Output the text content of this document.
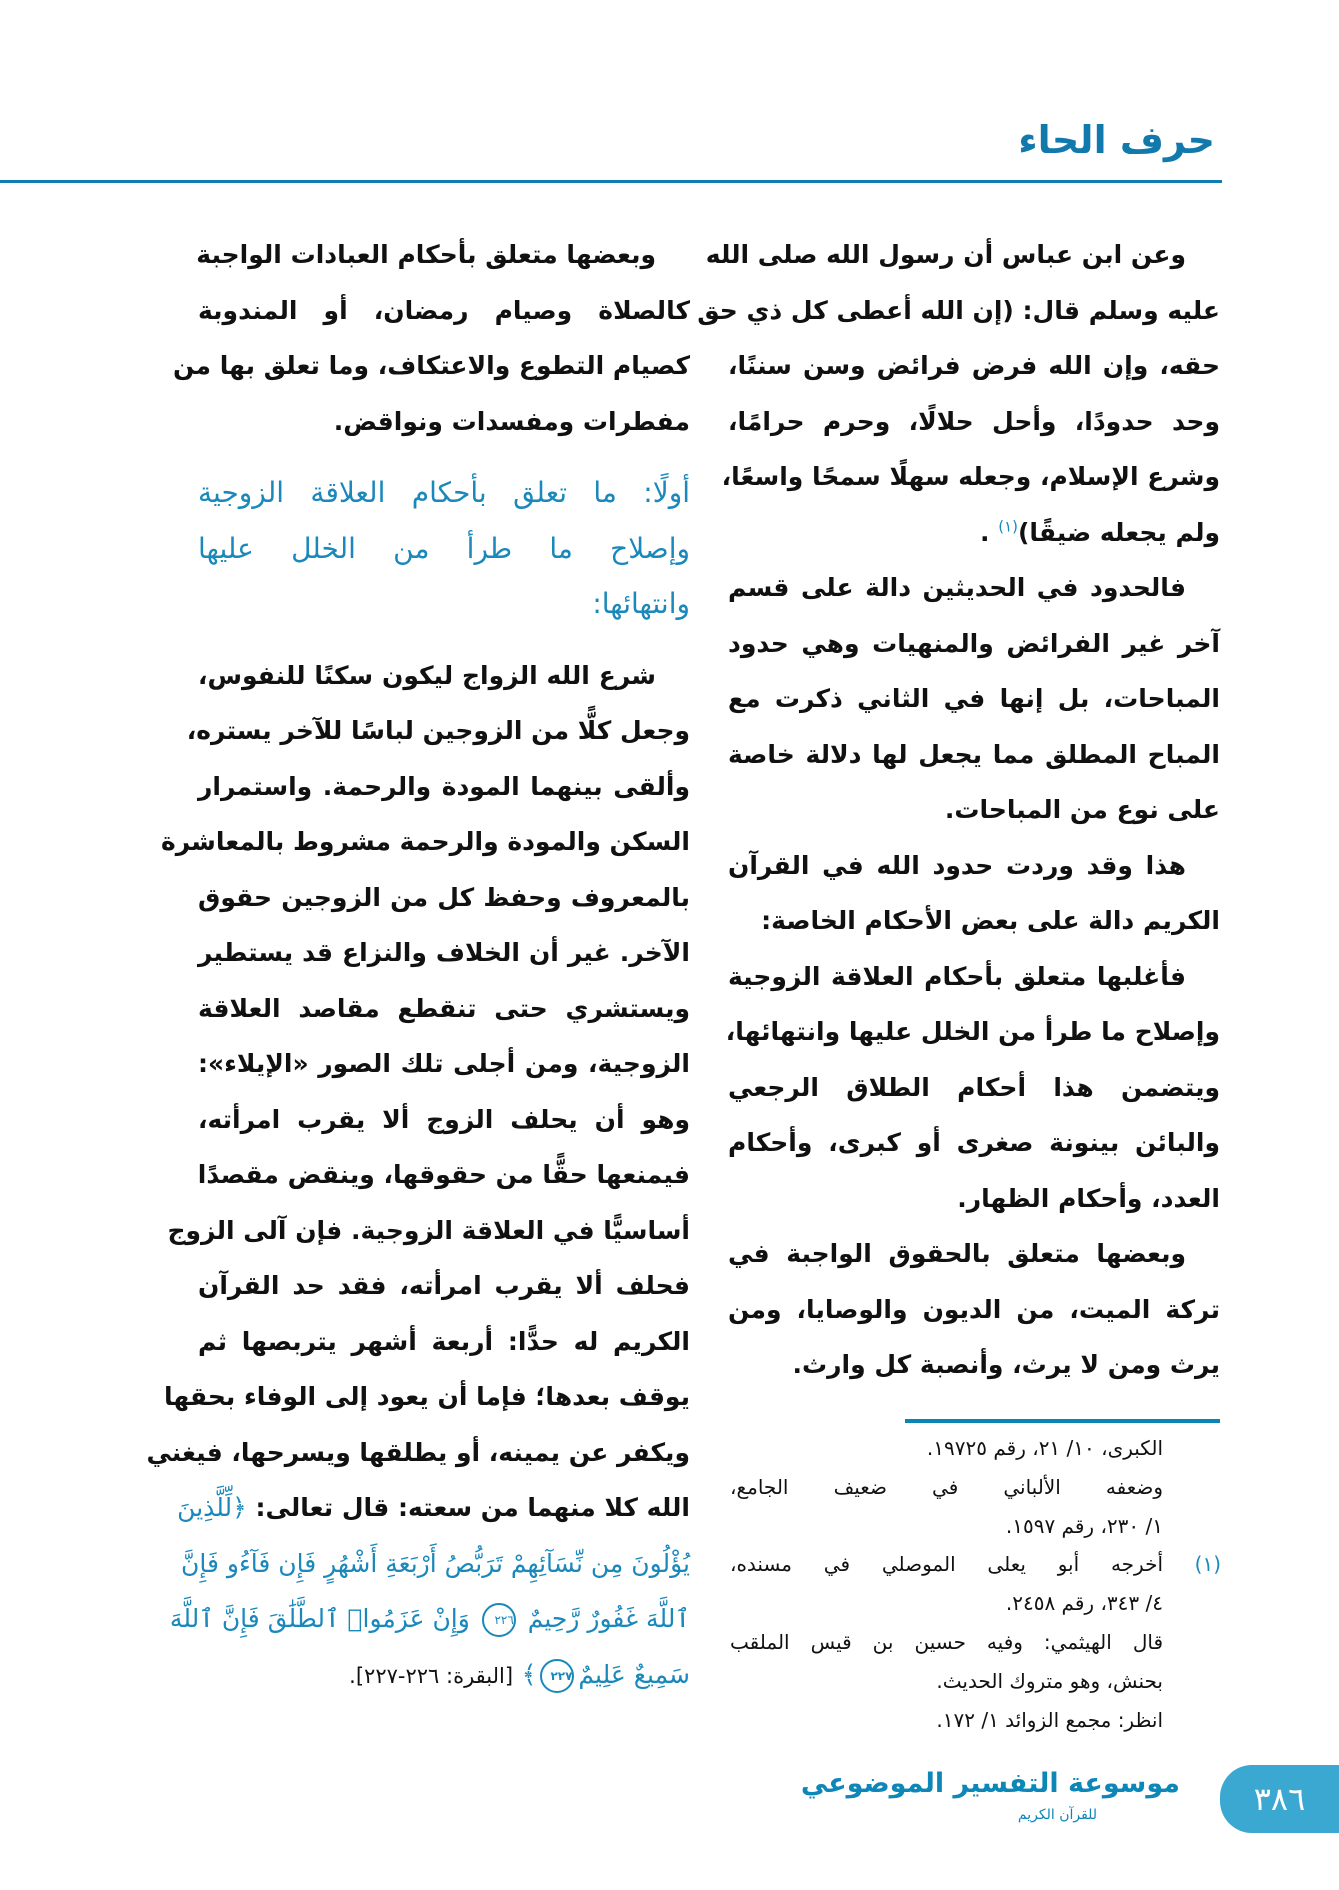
حرف الحاء
وعن ابن عباس أن رسول الله صلى الله
عليه وسلم قال: (إن الله أعطى كل ذي حق
حقه، وإن الله فرض فرائض وسن سننًا،
وحد حدودًا، وأحل حلالًا، وحرم حرامًا،
وشرع الإسلام، وجعله سهلًا سمحًا واسعًا،
ولم يجعله ضيقًا)$^{(١)}$ .
فالحدود في الحديثين دالة على قسم
آخر غير الفرائض والمنهيات وهي حدود
المباحات، بل إنها في الثاني ذكرت مع
المباح المطلق مما يجعل لها دلالة خاصة
على نوع من المباحات.
هذا وقد وردت حدود الله في القرآن
الكريم دالة على بعض الأحكام الخاصة:
فأغلبها متعلق بأحكام العلاقة الزوجية
وإصلاح ما طرأ من الخلل عليها وانتهائها،
ويتضمن هذا أحكام الطلاق الرجعي
والبائن بينونة صغرى أو كبرى، وأحكام
العدد، وأحكام الظهار.
وبعضها متعلق بالحقوق الواجبة في
تركة الميت، من الديون والوصايا، ومن
يرث ومن لا يرث، وأنصبة كل وارث.
وبعضها متعلق بأحكام العبادات الواجبة
كالصلاة وصيام رمضان، أو المندوبة
كصيام التطوع والاعتكاف، وما تعلق بها من
مفطرات ومفسدات ونواقض.
أولًا: ما تعلق بأحكام العلاقة الزوجية
وإصلاح ما طرأ من الخلل عليها
وانتهائها:
شرع الله الزواج ليكون سكنًا للنفوس،
وجعل كلًّا من الزوجين لباسًا للآخر يستره،
وألقى بينهما المودة والرحمة. واستمرار
السكن والمودة والرحمة مشروط بالمعاشرة
بالمعروف وحفظ كل من الزوجين حقوق
الآخر. غير أن الخلاف والنزاع قد يستطير
ويستشري حتى تنقطع مقاصد العلاقة
الزوجية، ومن أجلى تلك الصور «الإيلاء»:
وهو أن يحلف الزوج ألا يقرب امرأته،
فيمنعها حقًّا من حقوقها، وينقض مقصدًا
أساسيًّا في العلاقة الزوجية. فإن آلى الزوج
فحلف ألا يقرب امرأته، فقد حد القرآن
الكريم له حدًّا: أربعة أشهر يتربصها ثم
يوقف بعدها؛ فإما أن يعود إلى الوفاء بحقها
ويكفر عن يمينه، أو يطلقها ويسرحها، فيغني
الله كلا منهما من سعته: قال تعالى: ﴿لِّلَّذِينَ
يُؤْلُونَ مِن نِّسَآئِهِمْ تَرَبُّصُ أَرْبَعَةِ أَشْهُرٍ فَإِن فَآءُو فَإِنَّ
ٱللَّهَ غَفُورٌ رَّحِيمٌ ٢٢٦ وَإِنْ عَزَمُوا۟ ٱلطَّلَٰقَ فَإِنَّ ٱللَّهَ
سَمِيعٌ عَلِيمٌ٢٢٧﴾ [البقرة: ٢٢٦-٢٢٧].
الكبرى، ١٠/ ٢١، رقم ١٩٧٢٥.
وضعفه الألباني في ضعيف الجامع،
١/ ٢٣٠، رقم ١٥٩٧.
(١)
أخرجه أبو يعلى الموصلي في مسنده،
٤/ ٣٤٣، رقم ٢٤٥٨.
قال الهيثمي: وفيه حسين بن قيس الملقب
بحنش، وهو متروك الحديث.
انظر: مجمع الزوائد ١/ ١٧٢.
موسوعة التفسير الموضوعي
للقرآن الكريم	٣٨٦
